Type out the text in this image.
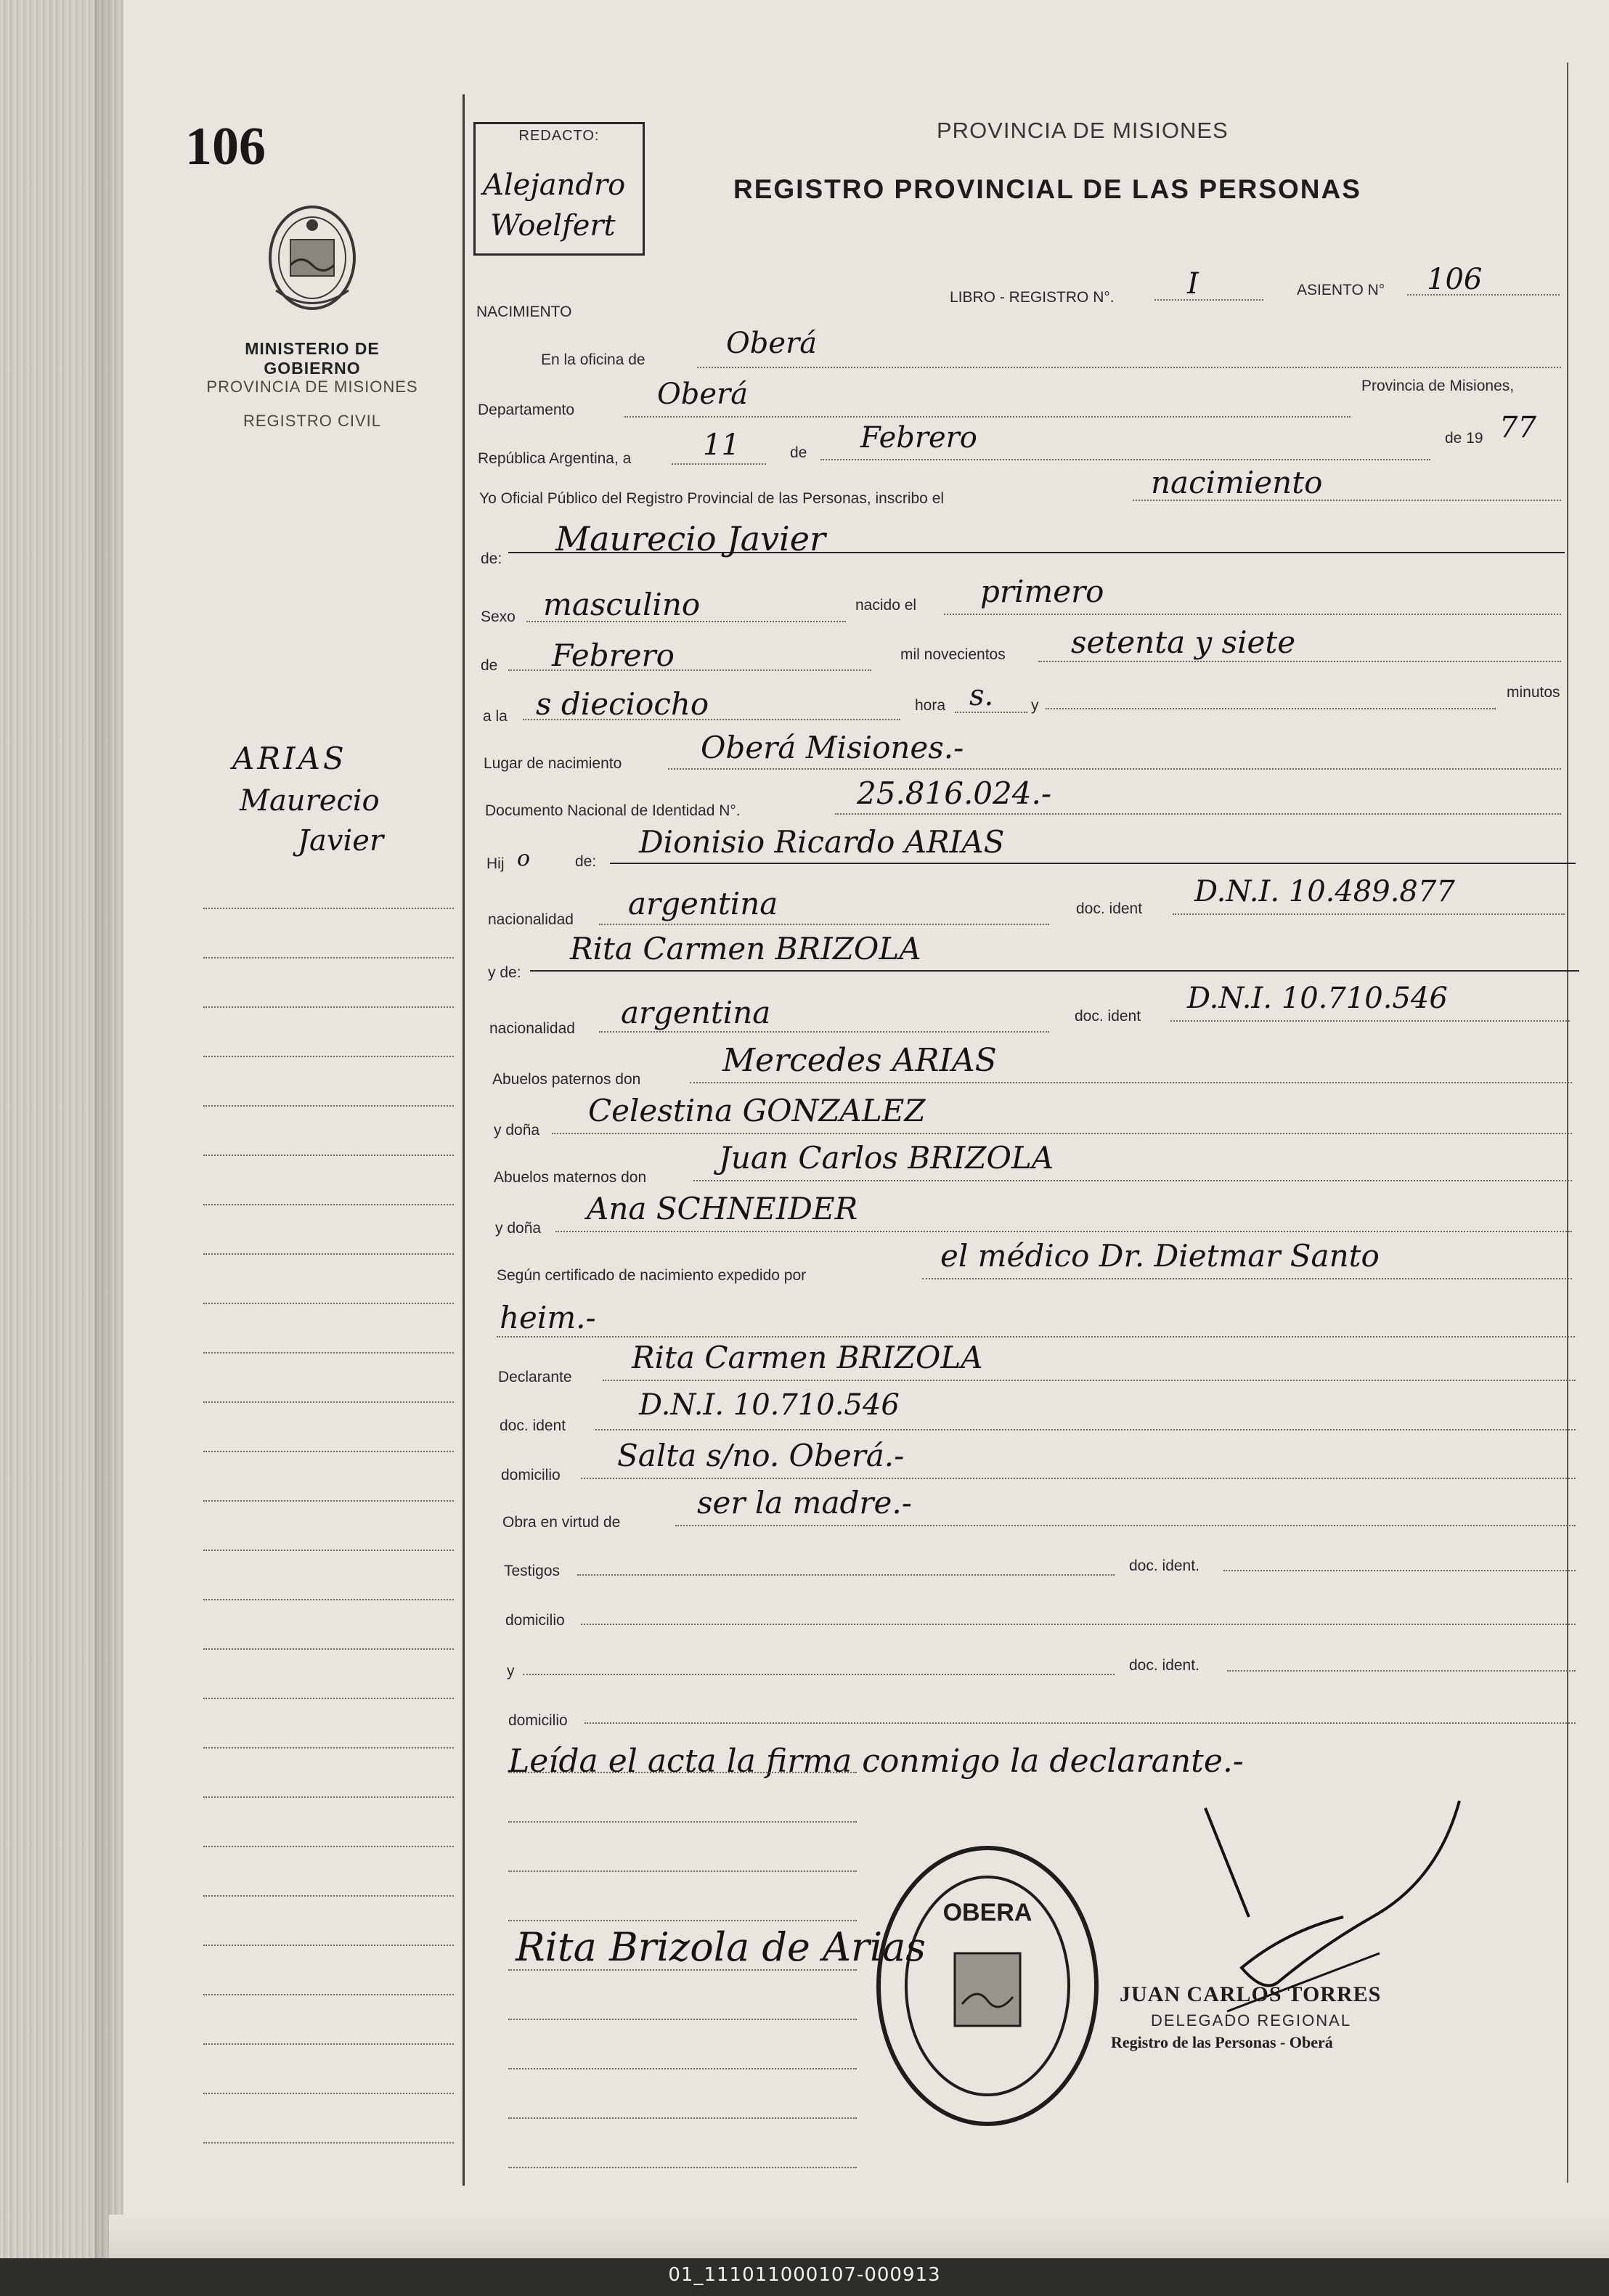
106
MINISTERIO DE GOBIERNO
PROVINCIA DE MISIONES
REGISTRO CIVIL
REDACTO:
Alejandro
Woelfert
PROVINCIA DE MISIONES
REGISTRO PROVINCIAL DE LAS PERSONAS
ARIAS
Maurecio
Javier
NACIMIENTO
LIBRO - REGISTRO N°.	I	ASIENTO N° 106
En la oficina de	Oberá
Departamento	Oberá	Provincia de Misiones,
República Argentina, a 11	de Febrero	de 19 77
Yo Oficial Público del Registro Provincial de las Personas, inscribo el	nacimiento
de:
Maurecio Javier
Sexo masculino	nacido el primero
de Febrero	mil novecientos setenta y siete
a la s dieciocho	hora s. y
minutos
Lugar de nacimiento	Oberá Misiones.-
Documento Nacional de Identidad N°.	25.816.024.-
Hij o	de:
Dionisio Ricardo ARIAS
nacionalidad argentina	doc. ident
D.N.I. 10.489.877
y de:
Rita Carmen BRIZOLA
nacionalidad argentina	doc. ident
D.N.I. 10.710.546
Abuelos paternos don
Mercedes ARIAS
y doña
Celestina GONZALEZ
Abuelos maternos don
Juan Carlos BRIZOLA
y doña
Ana SCHNEIDER
Según certificado de nacimiento expedido por
el médico Dr. Dietmar Santo
heim.-
Declarante
Rita Carmen BRIZOLA
doc. ident
D.N.I. 10.710.546
domicilio
Salta s/no. Oberá.-
Obra en virtud de
ser la madre.-
Testigos	doc. ident.
domicilio
y	doc. ident.
domicilio
Leída el acta la firma conmigo la declarante.-
OBERA
Rita Brizola de Arias
JUAN CARLOS TORRES
DELEGADO REGIONAL
Registro de las Personas - Oberá
01_111011000107-000913
